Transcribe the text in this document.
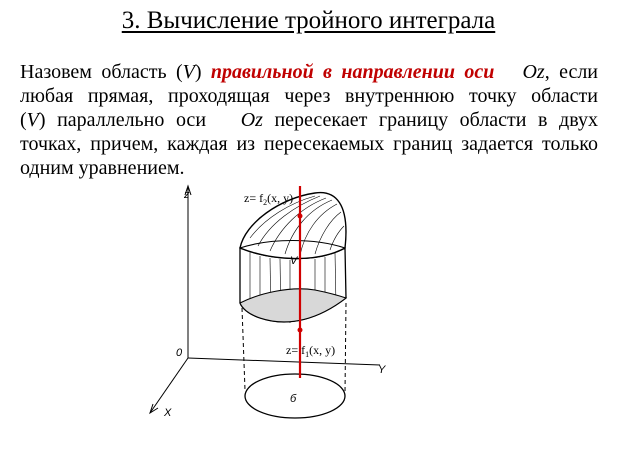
3. Вычисление тройного интеграла
Назовем область (V) правильной в направлении оси Oz, если любая прямая, проходящая через внутреннюю точку области (V) параллельно оси   Oz пересекает границу области в двух точках, причем, каждая из пересекаемых границ задается только одним уравнением.
z
Y
X
0
б
V
$z= f_2(x$, y)
$z= f_1(x$, y)
